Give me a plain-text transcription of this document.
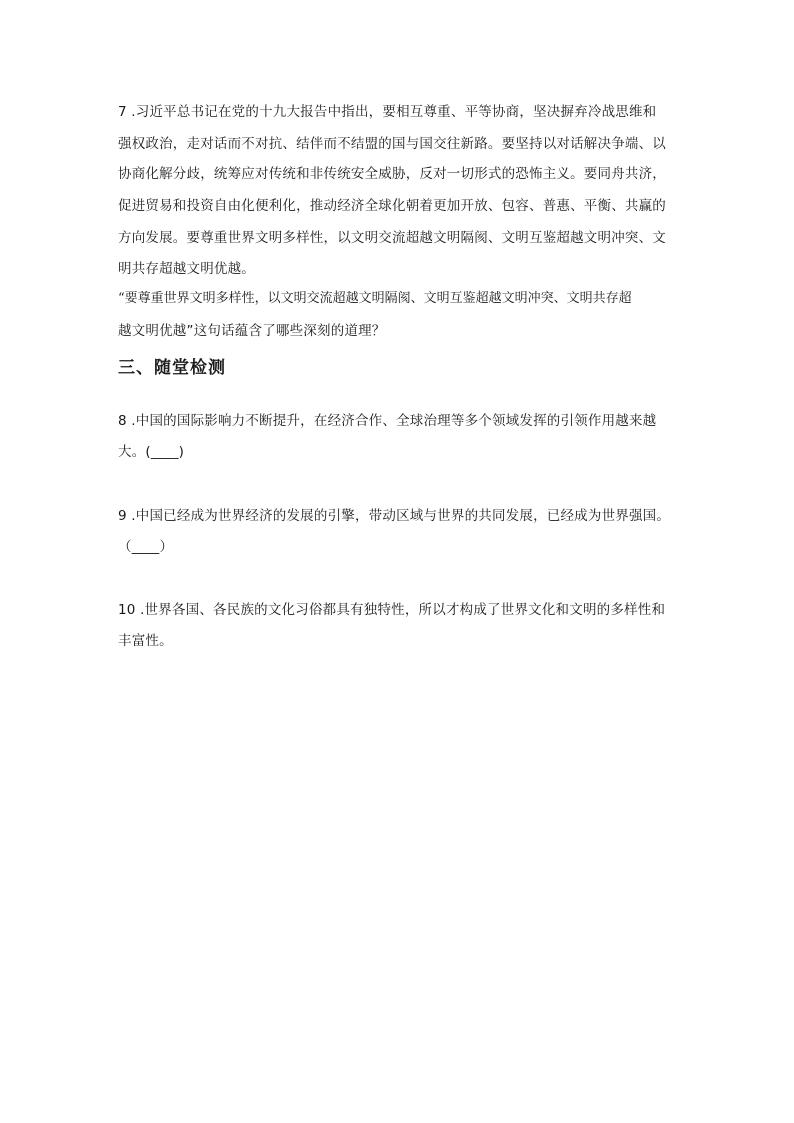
7 .习近平总书记在党的十九大报告中指出，要相互尊重、平等协商，坚决摒弃冷战思维和
强权政治，走对话而不对抗、结伴而不结盟的国与国交往新路。要坚持以对话解决争端、以
协商化解分歧，统筹应对传统和非传统安全威胁，反对一切形式的恐怖主义。要同舟共济，
促进贸易和投资自由化便利化，推动经济全球化朝着更加开放、包容、普惠、平衡、共赢的
方向发展。要尊重世界文明多样性，以文明交流超越文明隔阂、文明互鉴超越文明冲突、文
明共存超越文明优越。
“要尊重世界文明多样性，以文明交流超越文明隔阂、文明互鉴超越文明冲突、文明共存超
越文明优越”这句话蕴含了哪些深刻的道理？
三、随堂检测
8 .中国的国际影响力不断提升，在经济合作、全球治理等多个领域发挥的引领作用越来越
大。(____)
9 .中国已经成为世界经济的发展的引擎，带动区域与世界的共同发展，已经成为世界强国。
（____）
10 .世界各国、各民族的文化习俗都具有独特性，所以才构成了世界文化和文明的多样性和
丰富性。
